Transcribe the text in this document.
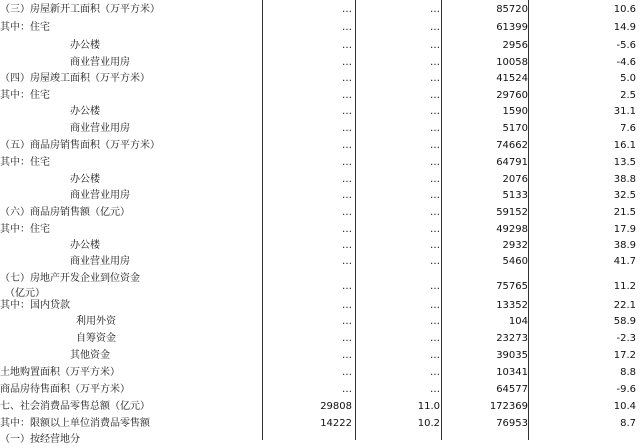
（三）房屋新开工面积（万平方米）	…	…	85720	10.6
其中：住宅	…	…	61399	14.9
办公楼	…	…	2956	-5.6
商业营业用房	…	…	10058	-4.6
（四）房屋竣工面积（万平方米）	…	…	41524	5.0
其中：住宅	…	…	29760	2.5
办公楼	…	…	1590	31.1
商业营业用房	…	…	5170	7.6
（五）商品房销售面积（万平方米）	…	…	74662	16.1
其中：住宅	…	…	64791	13.5
办公楼	…	…	2076	38.8
商业营业用房	…	…	5133	32.5
（六）商品房销售额（亿元）	…	…	59152	21.5
其中：住宅	…	…	49298	17.9
办公楼	…	…	2932	38.9
商业营业用房	…	…	5460	41.7
（七）房地产开发企业到位资金
（亿元）
…	…	75765	11.2
其中：国内贷款	…	…	13352	22.1
利用外资	…	…	104	58.9
自筹资金	…	…	23273	-2.3
其他资金	…	…	39035	17.2
土地购置面积（万平方米）	…	…	10341	8.8
商品房待售面积（万平方米）	…	…	64577	-9.6
七、社会消费品零售总额（亿元）	29808	11.0	172369	10.4
其中：限额以上单位消费品零售额	14222	10.2	76953	8.7
（一）按经营地分
